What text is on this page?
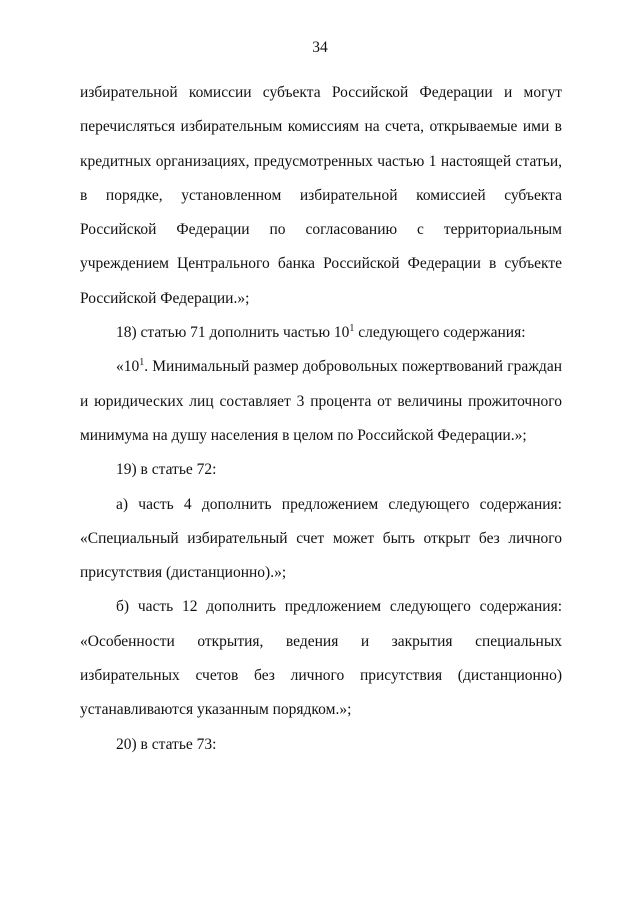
34

избирательной комиссии субъекта Российской Федерации и могут перечисляться избирательным комиссиям на счета, открываемые ими в кредитных организациях, предусмотренных частью 1 настоящей статьи, в порядке, установленном избирательной комиссией субъекта Российской Федерации по согласованию с территориальным учреждением Центрального банка Российской Федерации в субъекте Российской Федерации.»;

18) статью 71 дополнить частью $10^1$ следующего содержания:

«$10^1$. Минимальный размер добровольных пожертвований граждан и юридических лиц составляет 3 процента от величины прожиточного минимума на душу населения в целом по Российской Федерации.»;

19) в статье 72:

а) часть 4 дополнить предложением следующего содержания: «Специальный избирательный счет может быть открыт без личного присутствия (дистанционно).»;

б) часть 12 дополнить предложением следующего содержания: «Особенности открытия, ведения и закрытия специальных избирательных счетов без личного присутствия (дистанционно) устанавливаются указанным порядком.»;

20) в статье 73:
